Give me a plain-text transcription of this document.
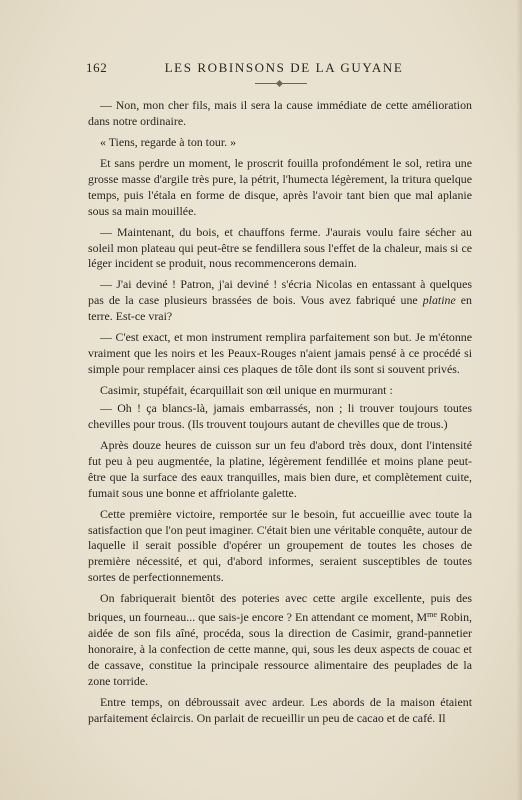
162	LES ROBINSONS DE LA GUYANE

— Non, mon cher fils, mais il sera la cause immédiate de cette amélioration dans notre ordinaire.

« Tiens, regarde à ton tour. »

Et sans perdre un moment, le proscrit fouilla profondément le sol, retira une grosse masse d'argile très pure, la pétrit, l'humecta légèrement, la tritura quelque temps, puis l'étala en forme de disque, après l'avoir tant bien que mal aplanie sous sa main mouillée.

— Maintenant, du bois, et chauffons ferme. J'aurais voulu faire sécher au soleil mon plateau qui peut-être se fendillera sous l'effet de la chaleur, mais si ce léger incident se produit, nous recommencerons demain.

— J'ai deviné ! Patron, j'ai deviné ! s'écria Nicolas en entassant à quelques pas de la case plusieurs brassées de bois. Vous avez fabriqué une platine en terre. Est-ce vrai?

— C'est exact, et mon instrument remplira parfaitement son but. Je m'étonne vraiment que les noirs et les Peaux-Rouges n'aient jamais pensé à ce procédé si simple pour remplacer ainsi ces plaques de tôle dont ils sont si souvent privés.

Casimir, stupéfait, écarquillait son œil unique en murmurant :

— Oh ! ça blancs-là, jamais embarrassés, non ; li trouver toujours toutes chevilles pour trous. (Ils trouvent toujours autant de chevilles que de trous.)

Après douze heures de cuisson sur un feu d'abord très doux, dont l'intensité fut peu à peu augmentée, la platine, légèrement fendillée et moins plane peut-être que la surface des eaux tranquilles, mais bien dure, et complètement cuite, fumait sous une bonne et affriolante galette.

Cette première victoire, remportée sur le besoin, fut accueillie avec toute la satisfaction que l'on peut imaginer. C'était bien une véritable conquête, autour de laquelle il serait possible d'opérer un groupement de toutes les choses de première nécessité, et qui, d'abord informes, seraient susceptibles de toutes sortes de perfectionnements.

On fabriquerait bientôt des poteries avec cette argile excellente, puis des briques, un fourneau... que sais-je encore ? En attendant ce moment, $M^{me}$ Robin, aidée de son fils aîné, procéda, sous la direction de Casimir, grand-pannetier honoraire, à la confection de cette manne, qui, sous les deux aspects de couac et de cassave, constitue la principale ressource alimentaire des peuplades de la zone torride.

Entre temps, on débroussait avec ardeur. Les abords de la maison étaient parfaitement éclaircis. On parlait de recueillir un peu de cacao et de café. Il
